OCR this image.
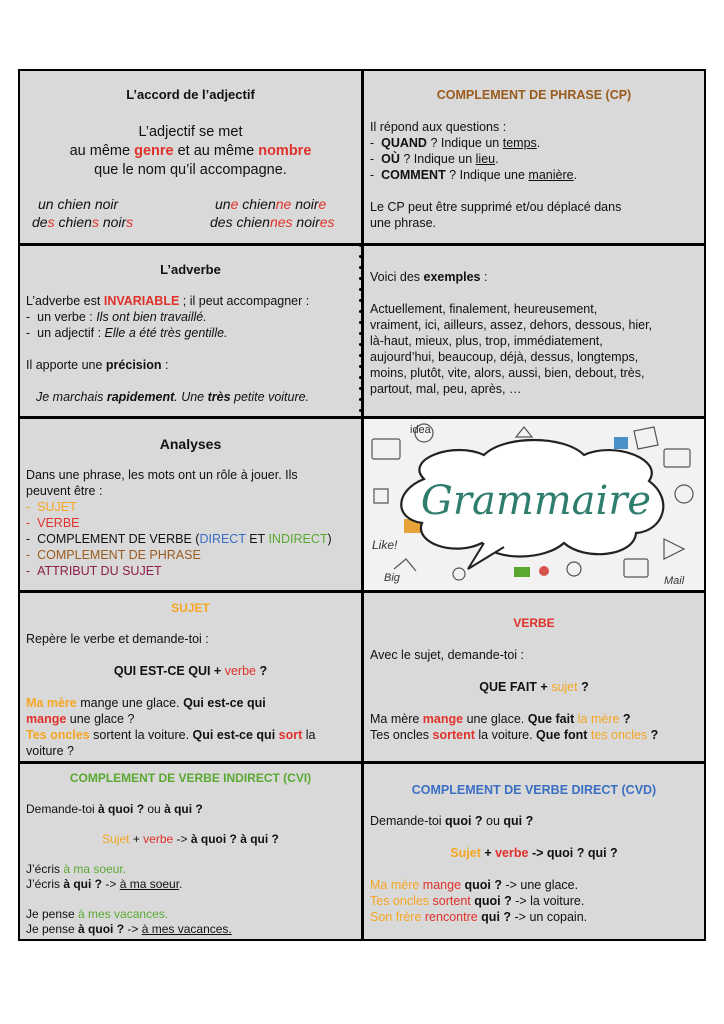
L’accord de l’adjectif
L’adjectif se met
au même genre et au même nombre
que le nom qu’il accompagne.
un chien noir
des chiens noirs
une chienne noire
des chiennes noires
COMPLEMENT DE PHRASE (CP)
Il répond aux questions :
- QUAND ? Indique un temps.
- OÙ ? Indique un lieu.
- COMMENT ? Indique une manière.
Le CP peut être supprimé et/ou déplacé dans
une phrase.
L’adverbe
L’adverbe est INVARIABLE ; il peut accompagner :
- un verbe : Ils ont bien travaillé.
- un adjectif : Elle a été très gentille.
Il apporte une précision :
Je marchais rapidement. Une très petite voiture.
Voici des exemples :
Actuellement, finalement, heureusement,
vraiment, ici, ailleurs, assez, dehors, dessous, hier,
là-haut, mieux, plus, trop, immédiatement,
aujourd’hui, beaucoup, déjà, dessus, longtemps,
moins, plutôt, vite, alors, aussi, bien, debout, très,
partout, mal, peu, après, …
Analyses
Dans une phrase, les mots ont un rôle à jouer. Ils
peuvent être :
- SUJET
- VERBE
- COMPLEMENT DE VERBE (DIRECT ET INDIRECT)
- COMPLEMENT DE PHRASE
- ATTRIBUT DU SUJET
Grammaire
idea
Like!
Big	Mail
SUJET
Repère le verbe et demande-toi :
QUI EST-CE QUI + verbe ?
Ma mère mange une glace. Qui est-ce qui
mange une glace ?
Tes oncles sortent la voiture. Qui est-ce qui sort la
voiture ?
VERBE
Avec le sujet, demande-toi :
QUE FAIT + sujet ?
Ma mère mange une glace. Que fait la mère ?
Tes oncles sortent la voiture. Que font tes oncles ?
COMPLEMENT DE VERBE INDIRECT (CVI)
Demande-toi à quoi ? ou à qui ?
Sujet + verbe -> à quoi ? à qui ?
J’écris à ma soeur.
J’écris à qui ? -> à ma soeur.
Je pense à mes vacances.
Je pense à quoi ? -> à mes vacances.
COMPLEMENT DE VERBE DIRECT (CVD)
Demande-toi quoi ? ou qui ?
Sujet + verbe -> quoi ? qui ?
Ma mère mange quoi ? -> une glace.
Tes oncles sortent quoi ? -> la voiture.
Son frère rencontre qui ? -> un copain.
